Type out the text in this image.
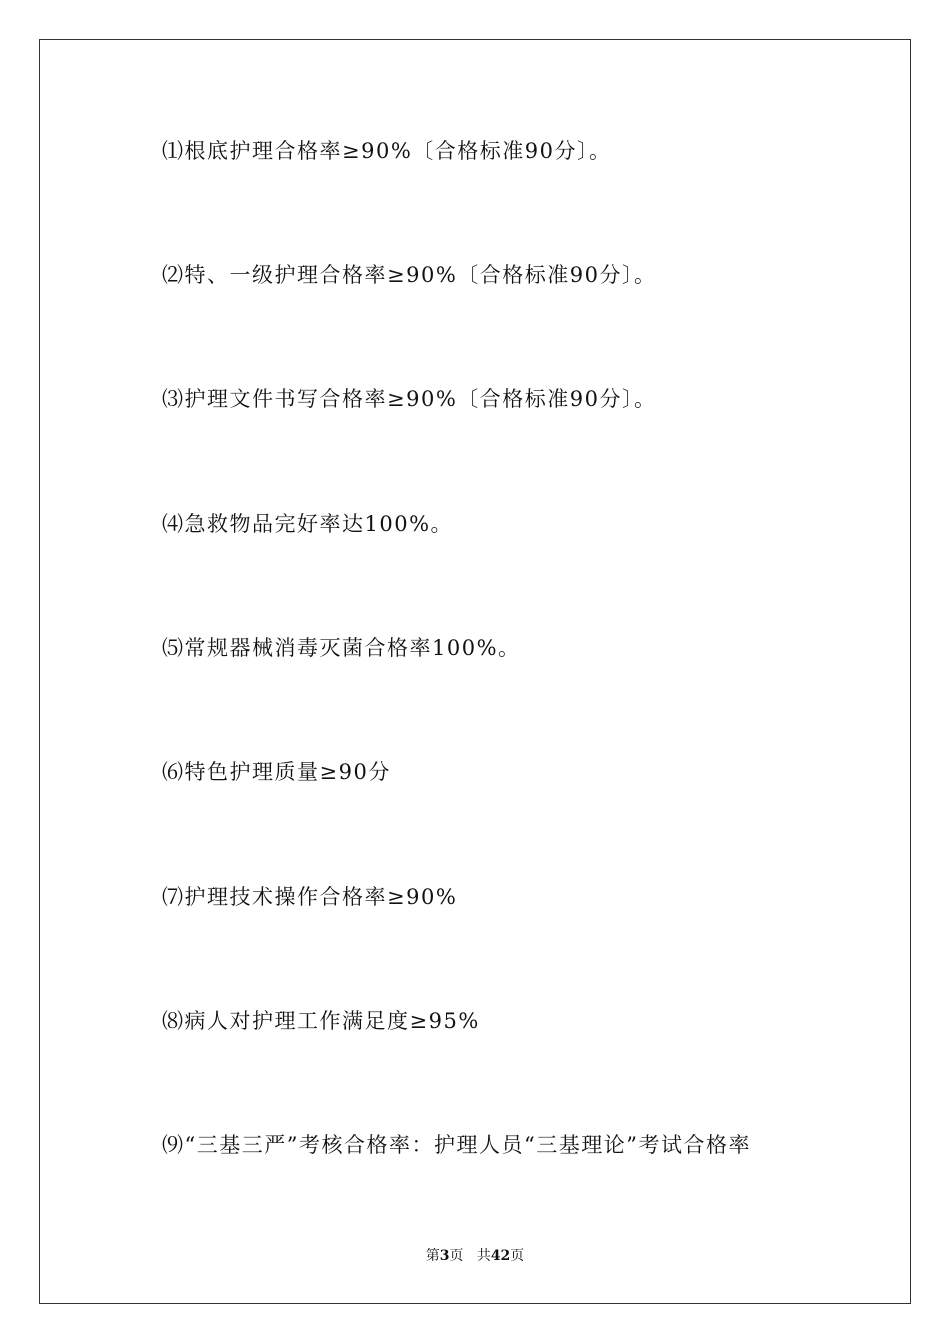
⑴根底护理合格率≥90%〔合格标准90分〕。
⑵特、一级护理合格率≥90%〔合格标准90分〕。
⑶护理文件书写合格率≥90%〔合格标准90分〕。
⑷急救物品完好率达100%。
⑸常规器械消毒灭菌合格率100%。
⑹特色护理质量≥90分
⑺护理技术操作合格率≥90%
⑻病人对护理工作满足度≥95%
⑼“三基三严”考核合格率：护理人员“三基理论”考试合格率
第3页 共42页
